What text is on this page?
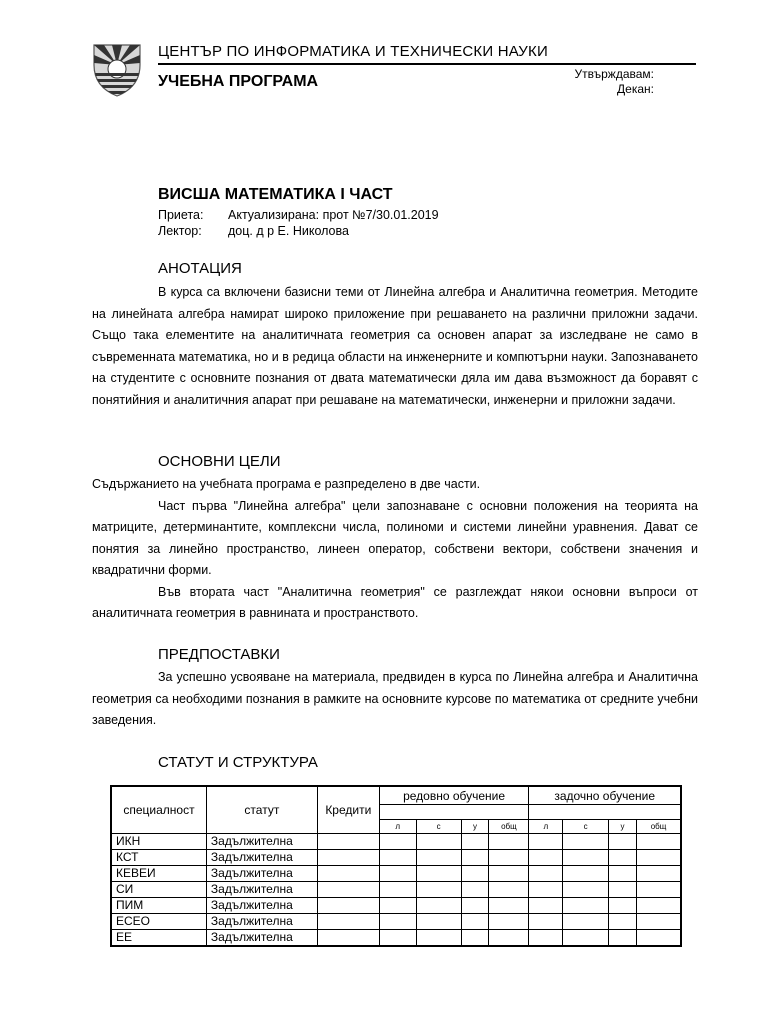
ЦЕНТЪР ПО ИНФОРМАТИКА И ТЕХНИЧЕСКИ НАУКИ
УЧЕБНА ПРОГРАМА	Утвърждавам:
Декан:
ВИСША МАТЕМАТИКА I ЧАСТ
Приета: Актуализирана: прот №7/30.01.2019
Лектор: доц. д р Е. Николова
АНОТАЦИЯ

В курса са включени базисни теми от Линейна алгебра и Аналитична геометрия. Методите на линейната алгебра намират широко приложение при решаването на различни приложни задачи. Също така елементите на аналитичната геометрия са основен апарат за изследване не само в съвременната математика, но и в редица области на инженерните и компютърни науки. Запознаването на студентите с основните познания от двата математически дяла им дава възможност да боравят с понятийния и аналитичния апарат при решаване на математически, инженерни и приложни задачи.

ОСНОВНИ ЦЕЛИ

Съдържанието на учебната програма е разпределено в две части.

Част първа "Линейна алгебра" цели запознаване с основни положения на теорията на матриците, детерминантите, комплексни числа, полиноми и системи линейни уравнения. Дават се понятия за линейно пространство, линеен оператор, собствени вектори, собствени значения и квадратични форми.

Във втората част "Аналитична геометрия" се разглеждат някои основни въпроси от аналитичната геометрия в равнината и пространството.

ПРЕДПОСТАВКИ

За успешно усвояване на материала, предвиден в курса по Линейна алгебра и Аналитична геометрия са необходими познания в рамките на основните курсове по математика от средните учебни заведения.

СТАТУТ И СТРУКТУРА
специалност	статут	Кредити	редовно обучение				задочно обучение			

			л	с	у	общ	л	с	у	общ
ИКН	Задължителна									
КСТ	Задължителна									
КЕВЕИ	Задължителна									
СИ	Задължителна									
ПИМ	Задължителна									
ЕСЕО	Задължителна									
ЕЕ	Задължителна									
